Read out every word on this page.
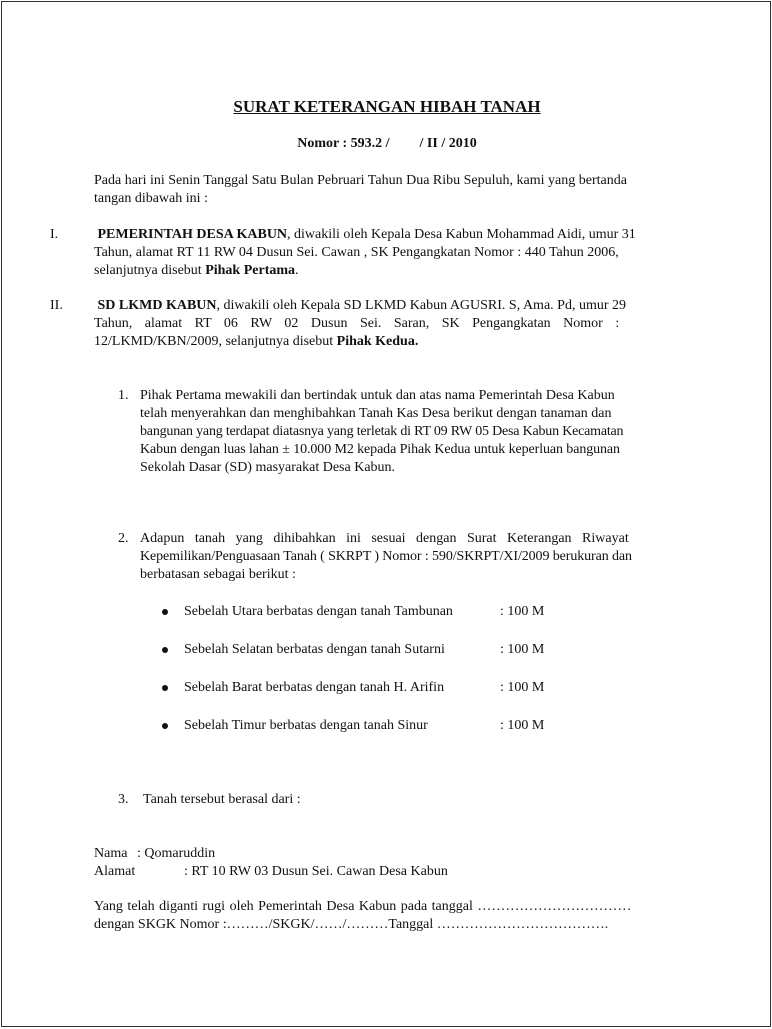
SURAT KETERANGAN HIBAH TANAH
Nomor : 593.2 / / II / 2010
Pada hari ini Senin Tanggal Satu Bulan Pebruari Tahun Dua Ribu Sepuluh, kami yang bertanda
tangan dibawah ini :
I.	PEMERINTAH DESA KABUN, diwakili oleh Kepala Desa Kabun Mohammad Aidi, umur 31
Tahun, alamat RT 11 RW 04 Dusun Sei. Cawan , SK Pengangkatan Nomor : 440 Tahun 2006,
selanjutnya disebut Pihak Pertama.
II. SD LKMD KABUN, diwakili oleh Kepala SD LKMD Kabun AGUSRI. S, Ama. Pd, umur 29
Tahun, alamat RT 06 RW 02 Dusun Sei. Saran, SK Pengangkatan Nomor :
12/LKMD/KBN/2009, selanjutnya disebut Pihak Kedua.
1. Pihak Pertama mewakili dan bertindak untuk dan atas nama Pemerintah Desa Kabun
telah menyerahkan dan menghibahkan Tanah Kas Desa berikut dengan tanaman dan
bangunan yang terdapat diatasnya yang terletak di RT 09 RW 05 Desa Kabun Kecamatan
Kabun dengan luas lahan ± 10.000 M2 kepada Pihak Kedua untuk keperluan bangunan
Sekolah Dasar (SD) masyarakat Desa Kabun.
2. Adapun tanah yang dihibahkan ini sesuai dengan Surat Keterangan Riwayat
Kepemilikan/Penguasaan Tanah ( SKRPT ) Nomor : 590/SKRPT/XI/2009 berukuran dan
berbatasan sebagai berikut :
Sebelah Utara berbatas dengan tanah Tambunan	: 100 M
Sebelah Selatan berbatas dengan tanah Sutarni	: 100 M
Sebelah Barat berbatas dengan tanah H. Arifin	: 100 M
Sebelah Timur berbatas dengan tanah Sinur	: 100 M
3. Tanah tersebut berasal dari :
Nama : Qomaruddin
Alamat	: RT 10 RW 03 Dusun Sei. Cawan Desa Kabun
Yang telah diganti rugi oleh Pemerintah Desa Kabun pada tanggal ……………………………
dengan SKGK Nomor :………/SKGK/……/………Tanggal ……………………………….
